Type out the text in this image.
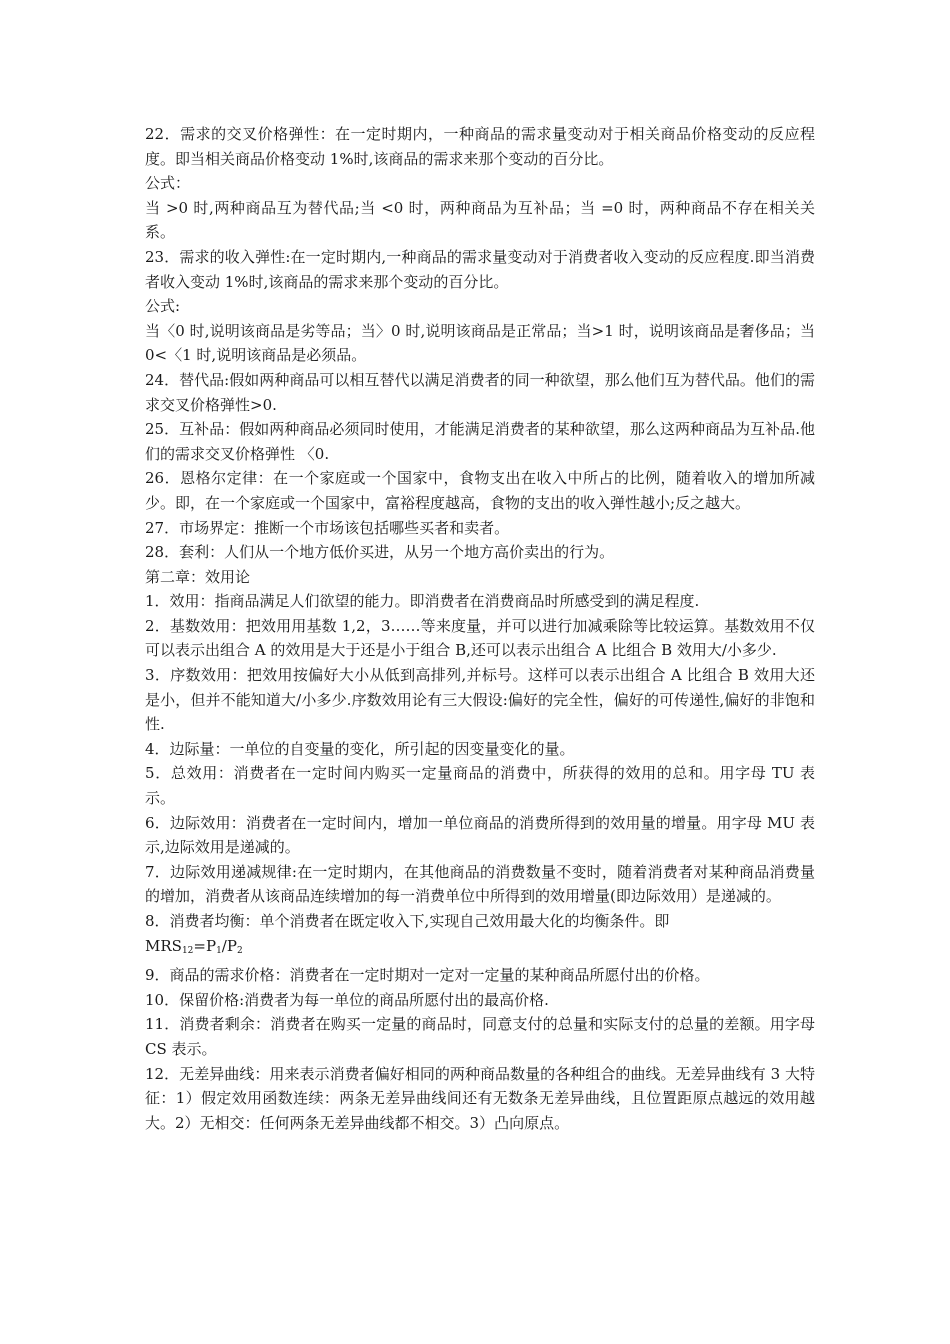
22．需求的交叉价格弹性：在一定时期内，一种商品的需求量变动对于相关商品价格变动的反应程度。即当相关商品价格变动 1%时,该商品的需求来那个变动的百分比。

公式：

当 >0 时,两种商品互为替代品;当 <0 时，两种商品为互补品；当 =0 时，两种商品不存在相关关系。

23．需求的收入弹性:在一定时期内,一种商品的需求量变动对于消费者收入变动的反应程度.即当消费者收入变动 1%时,该商品的需求来那个变动的百分比。

公式:

当〈0 时,说明该商品是劣等品；当〉0 时,说明该商品是正常品；当>1 时，说明该商品是奢侈品；当 0<〈1 时,说明该商品是必须品。

24．替代品:假如两种商品可以相互替代以满足消费者的同一种欲望，那么他们互为替代品。他们的需求交叉价格弹性>0.

25．互补品：假如两种商品必须同时使用，才能满足消费者的某种欲望，那么这两种商品为互补品.他们的需求交叉价格弹性 〈0.

26．恩格尔定律：在一个家庭或一个国家中，食物支出在收入中所占的比例，随着收入的增加所减少。即，在一个家庭或一个国家中，富裕程度越高，食物的支出的收入弹性越小;反之越大。

27．市场界定：推断一个市场该包括哪些买者和卖者。

28．套利：人们从一个地方低价买进，从另一个地方高价卖出的行为。

第二章：效用论

1．效用：指商品满足人们欲望的能力。即消费者在消费商品时所感受到的满足程度.

2．基数效用：把效用用基数 1,2，3……等来度量，并可以进行加减乘除等比较运算。基数效用不仅可以表示出组合 A 的效用是大于还是小于组合 B,还可以表示出组合 A 比组合 B 效用大/小多少.

3．序数效用：把效用按偏好大小从低到高排列,并标号。这样可以表示出组合 A 比组合 B 效用大还是小，但并不能知道大/小多少.序数效用论有三大假设:偏好的完全性，偏好的可传递性,偏好的非饱和性.

4．边际量：一单位的自变量的变化，所引起的因变量变化的量。

5．总效用：消费者在一定时间内购买一定量商品的消费中，所获得的效用的总和。用字母 TU 表示。

6．边际效用：消费者在一定时间内，增加一单位商品的消费所得到的效用量的增量。用字母 MU 表示,边际效用是递减的。

7．边际效用递减规律:在一定时期内，在其他商品的消费数量不变时，随着消费者对某种商品消费量的增加，消费者从该商品连续增加的每一消费单位中所得到的效用增量(即边际效用）是递减的。

8．消费者均衡：单个消费者在既定收入下,实现自己效用最大化的均衡条件。即
$MRS_{12}=P_1/P_2$

9．商品的需求价格：消费者在一定时期对一定对一定量的某种商品所愿付出的价格。

10．保留价格:消费者为每一单位的商品所愿付出的最高价格.

11．消费者剩余：消费者在购买一定量的商品时，同意支付的总量和实际支付的总量的差额。用字母 CS 表示。

12．无差异曲线：用来表示消费者偏好相同的两种商品数量的各种组合的曲线。无差异曲线有 3 大特征：1）假定效用函数连续：两条无差异曲线间还有无数条无差异曲线，且位置距原点越远的效用越大。2）无相交：任何两条无差异曲线都不相交。3）凸向原点。
